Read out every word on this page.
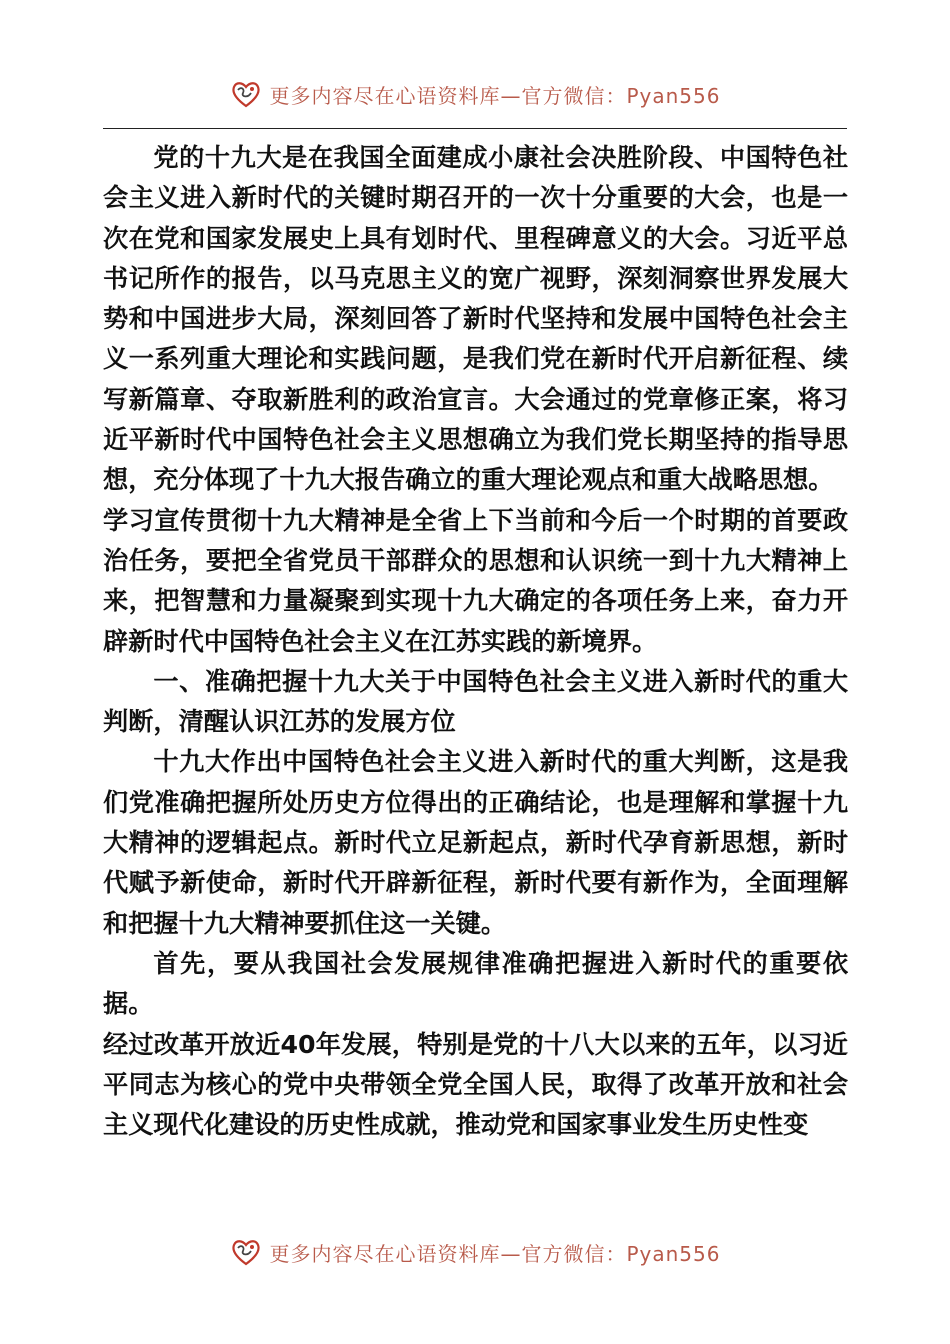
更多内容尽在心语资料库—官方微信：Pyan556

党的十九大是在我国全面建成小康社会决胜阶段、中国特色社会主义进入新时代的关键时期召开的一次十分重要的大会，也是一次在党和国家发展史上具有划时代、里程碑意义的大会。习近平总书记所作的报告，以马克思主义的宽广视野，深刻洞察世界发展大势和中国进步大局，深刻回答了新时代坚持和发展中国特色社会主义一系列重大理论和实践问题，是我们党在新时代开启新征程、续写新篇章、夺取新胜利的政治宣言。大会通过的党章修正案，将习近平新时代中国特色社会主义思想确立为我们党长期坚持的指导思想，充分体现了十九大报告确立的重大理论观点和重大战略思想。

学习宣传贯彻十九大精神是全省上下当前和今后一个时期的首要政治任务，要把全省党员干部群众的思想和认识统一到十九大精神上来，把智慧和力量凝聚到实现十九大确定的各项任务上来，奋力开辟新时代中国特色社会主义在江苏实践的新境界。

一、准确把握十九大关于中国特色社会主义进入新时代的重大判断，清醒认识江苏的发展方位

十九大作出中国特色社会主义进入新时代的重大判断，这是我们党准确把握所处历史方位得出的正确结论，也是理解和掌握十九大精神的逻辑起点。新时代立足新起点，新时代孕育新思想，新时代赋予新使命，新时代开辟新征程，新时代要有新作为，全面理解和把握十九大精神要抓住这一关键。

首先，要从我国社会发展规律准确把握进入新时代的重要依据。

经过改革开放近40年发展，特别是党的十八大以来的五年，以习近平同志为核心的党中央带领全党全国人民，取得了改革开放和社会主义现代化建设的历史性成就，推动党和国家事业发生历史性变

更多内容尽在心语资料库—官方微信：Pyan556
